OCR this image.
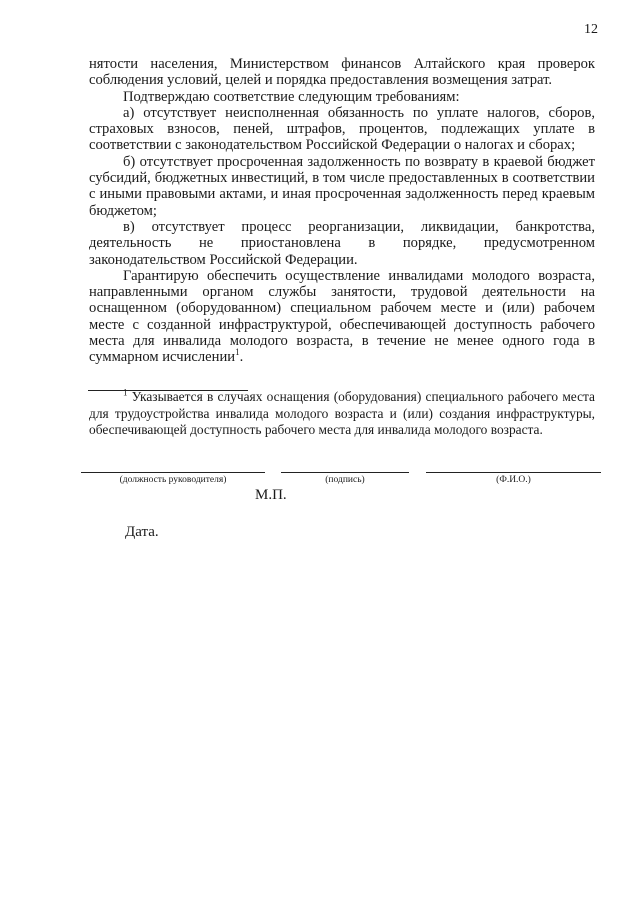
12

нятости населения, Министерством финансов Алтайского края проверок соблюдения условий, целей и порядка предоставления возмещения затрат.

Подтверждаю соответствие следующим требованиям:

а) отсутствует неисполненная обязанность по уплате налогов, сборов, страховых взносов, пеней, штрафов, процентов, подлежащих уплате в соответствии с законодательством Российской Федерации о налогах и сборах;

б) отсутствует просроченная задолженность по возврату в краевой бюджет субсидий, бюджетных инвестиций, в том числе предоставленных в соответствии с иными правовыми актами, и иная просроченная задолженность перед краевым бюджетом;

в) отсутствует процесс реорганизации, ликвидации, банкротства, деятельность не приостановлена в порядке, предусмотренном законодательством Российской Федерации.

Гарантирую обеспечить осуществление инвалидами молодого возраста, направленными органом службы занятости, трудовой деятельности на оснащенном (оборудованном) специальном рабочем месте и (или) рабочем месте с созданной инфраструктурой, обеспечивающей доступность рабочего места для инвалида молодого возраста, в течение не менее одного года в суммарном исчислении$^1$.

$^1$ Указывается в случаях оснащения (оборудования) специального рабочего места для трудоустройства инвалида молодого возраста и (или) создания инфраструктуры, обеспечивающей доступность рабочего места для инвалида молодого возраста.

(должность руководителя)	(подпись)	(Ф.И.О.)
М.П.
Дата.
